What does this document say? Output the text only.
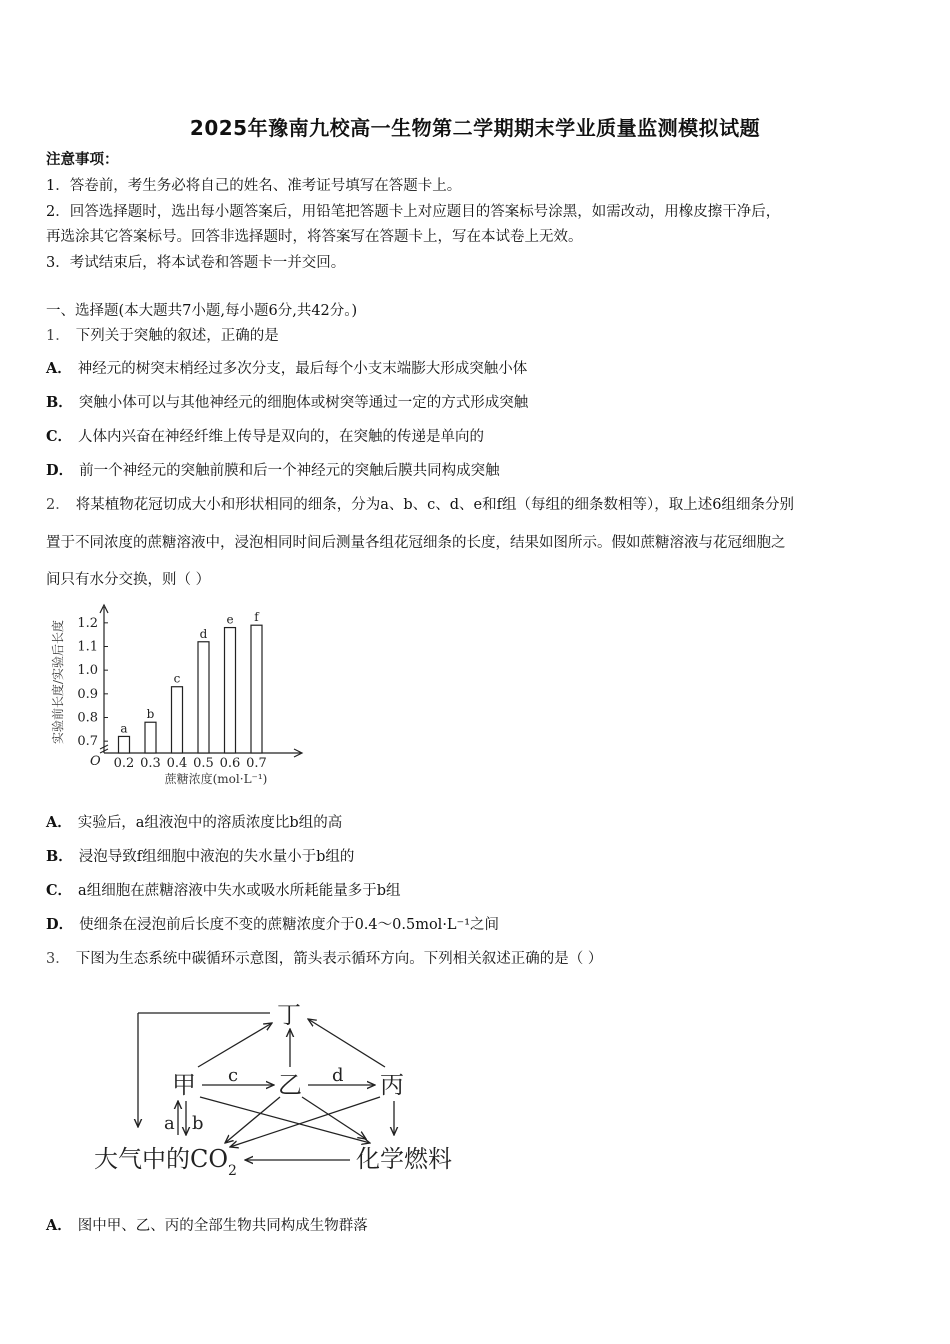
2025年豫南九校高一生物第二学期期末学业质量监测模拟试题
注意事项：
1．答卷前，考生务必将自己的姓名、准考证号填写在答题卡上。
2．回答选择题时，选出每小题答案后，用铅笔把答题卡上对应题目的答案标号涂黑，如需改动，用橡皮擦干净后，
再选涂其它答案标号。回答非选择题时，将答案写在答题卡上，写在本试卷上无效。
3．考试结束后，将本试卷和答题卡一并交回。
一、选择题(本大题共7小题,每小题6分,共42分。)
1． 下列关于突触的叙述，正确的是
A． 神经元的树突末梢经过多次分支，最后每个小支末端膨大形成突触小体
B． 突触小体可以与其他神经元的细胞体或树突等通过一定的方式形成突触
C． 人体内兴奋在神经纤维上传导是双向的，在突触的传递是单向的
D． 前一个神经元的突触前膜和后一个神经元的突触后膜共同构成突触
2． 将某植物花冠切成大小和形状相同的细条，分为a、b、c、d、e和f组（每组的细条数相等），取上述6组细条分别
置于不同浓度的蔗糖溶液中，浸泡相同时间后测量各组花冠细条的长度，结果如图所示。假如蔗糖溶液与花冠细胞之
间只有水分交换，则（ ）
0.7
0.8
0.9
1.0
1.1
1.2
O
a
0.2
b
0.3
c
0.4
d
0.5
e
0.6
f
0.7
蔗糖浓度(mol·L⁻¹)
实验前长度/实验后长度
A． 实验后，a组液泡中的溶质浓度比b组的高
B． 浸泡导致f组细胞中液泡的失水量小于b组的
C． a组细胞在蔗糖溶液中失水或吸水所耗能量多于b组
D． 使细条在浸泡前后长度不变的蔗糖浓度介于0.4～0.5mol·L⁻¹之间
3． 下图为生态系统中碳循环示意图，箭头表示循环方向。下列相关叙述正确的是（ ）
丁
甲	乙	丙
大气中的CO 2	化学燃料
c	d
a b
A． 图中甲、乙、丙的全部生物共同构成生物群落
